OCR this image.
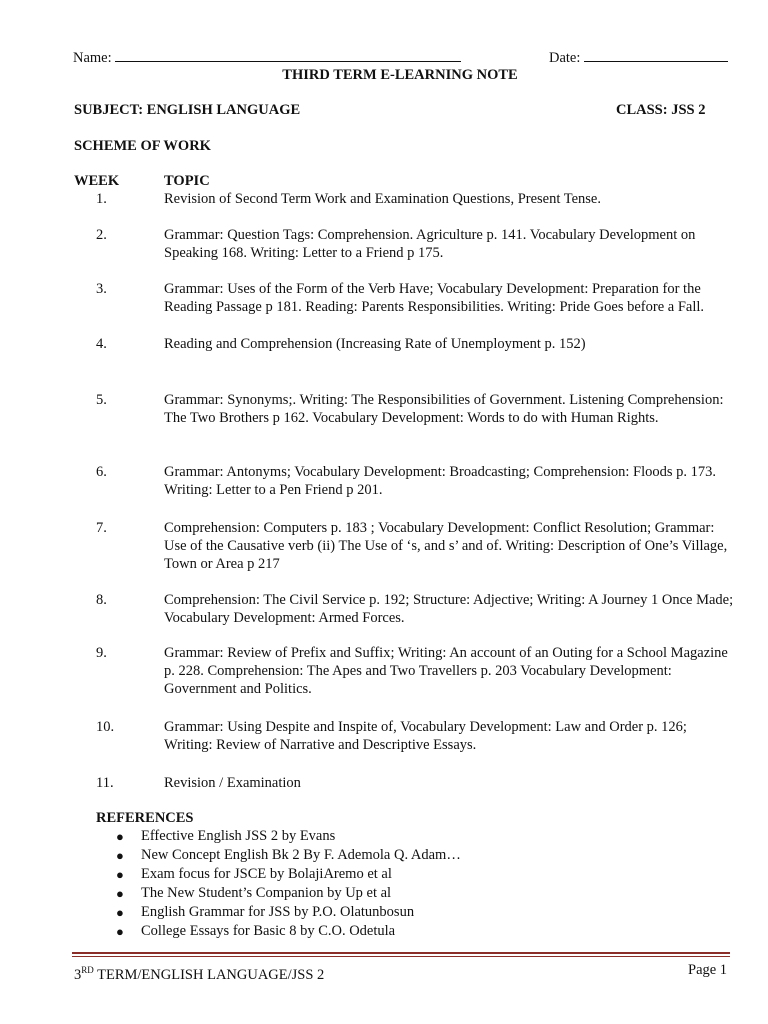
Name:	Date:
THIRD TERM E-LEARNING NOTE
SUBJECT: ENGLISH LANGUAGE	CLASS: JSS 2
SCHEME OF WORK
WEEK	TOPIC
1.	Revision of Second Term Work and Examination Questions, Present Tense.
2.	Grammar: Question Tags: Comprehension. Agriculture p. 141. Vocabulary Development on Speaking 168. Writing: Letter to a Friend p 175.
3.	Grammar: Uses of the Form of the Verb Have; Vocabulary Development: Preparation for the Reading Passage p 181. Reading: Parents Responsibilities. Writing: Pride Goes before a Fall.
4.	Reading and Comprehension (Increasing Rate of Unemployment p. 152)
5.	Grammar: Synonyms;. Writing: The Responsibilities of Government. Listening Comprehension: The Two Brothers p 162. Vocabulary Development: Words to do with Human Rights.
6.	Grammar: Antonyms; Vocabulary Development: Broadcasting; Comprehension: Floods p. 173. Writing: Letter to a Pen Friend p 201.
7.	Comprehension: Computers p. 183 ; Vocabulary Development: Conflict Resolution; Grammar: Use of the Causative verb (ii) The Use of ‘s, and s’ and of. Writing: Description of One’s Village, Town or Area p 217
8.	Comprehension: The Civil Service p. 192; Structure: Adjective; Writing: A Journey 1 Once Made; Vocabulary Development: Armed Forces.
9.	Grammar: Review of Prefix and Suffix; Writing: An account of an Outing for a School Magazine p. 228. Comprehension: The Apes and Two Travellers p. 203 Vocabulary Development: Government and Politics.
10.	Grammar: Using Despite and Inspite of, Vocabulary Development: Law and Order p. 126; Writing: Review of Narrative and Descriptive Essays.
11.	Revision / Examination
REFERENCES
● Effective English JSS 2 by Evans
● New Concept English Bk 2 By F. Ademola Q. Adam…
● Exam focus for JSCE by BolajiAremo et al
● The New Student’s Companion by Up et al
● English Grammar for JSS by P.O. Olatunbosun
● College Essays for Basic 8 by C.O. Odetula
3RD TERM/ENGLISH LANGUAGE/JSS 2	Page 1
